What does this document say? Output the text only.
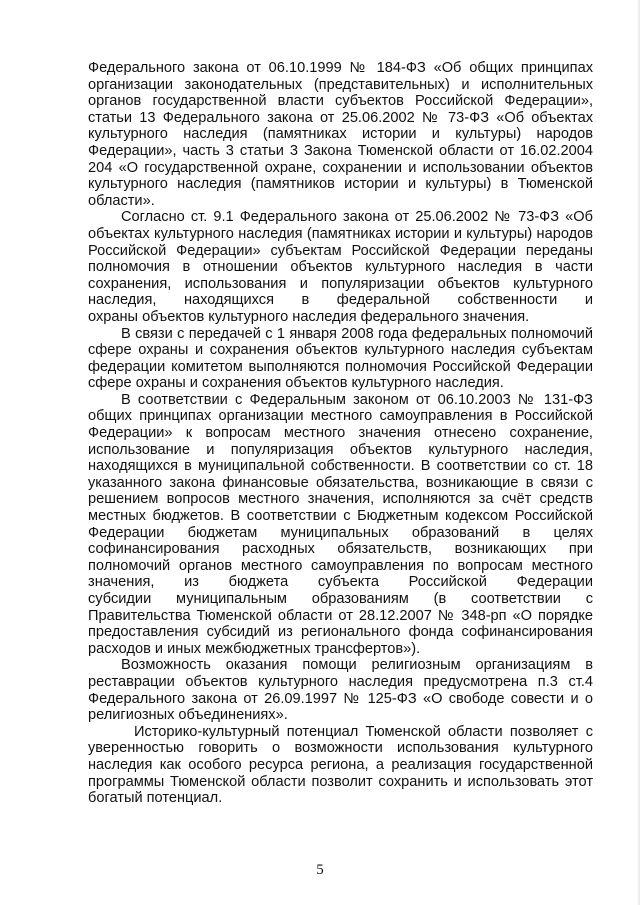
Федерального закона от 06.10.1999 № 184-ФЗ «Об общих принципах
организации законодательных (представительных) и исполнительных
органов государственной власти субъектов Российской Федерации»,
статьи 13 Федерального закона от 25.06.2002 № 73-ФЗ «Об объектах
культурного наследия (памятниках истории и культуры) народов
Федерации», часть 3 статьи 3 Закона Тюменской области от 16.02.2004
204 «О государственной охране, сохранении и использовании объектов
культурного наследия (памятников истории и культуры) в Тюменской
области».
Согласно ст. 9.1 Федерального закона от 25.06.2002 № 73-ФЗ «Об
объектах культурного наследия (памятниках истории и культуры) народов
Российской Федерации» субъектам Российской Федерации переданы
полномочия в отношении объектов культурного наследия в части
сохранения, использования и популяризации объектов культурного
наследия, находящихся в федеральной собственности и
охраны объектов культурного наследия федерального значения.
В связи с передачей с 1 января 2008 года федеральных полномочий
сфере охраны и сохранения объектов культурного наследия субъектам
федерации комитетом выполняются полномочия Российской Федерации
сфере охраны и сохранения объектов культурного наследия.
В соответствии с Федеральным законом от 06.10.2003 № 131-ФЗ
общих принципах организации местного самоуправления в Российской
Федерации» к вопросам местного значения отнесено сохранение,
использование и популяризация объектов культурного наследия,
находящихся в муниципальной собственности. В соответствии со ст. 18
указанного закона финансовые обязательства, возникающие в связи с
решением вопросов местного значения, исполняются за счёт средств
местных бюджетов. В соответствии с Бюджетным кодексом Российской
Федерации бюджетам муниципальных образований в целях
софинансирования расходных обязательств, возникающих при
полномочий органов местного самоуправления по вопросам местного
значения, из бюджета субъекта Российской Федерации
субсидии муниципальным образованиям (в соответствии с
Правительства Тюменской области от 28.12.2007 № 348-рп «О порядке
предоставления субсидий из регионального фонда софинансирования
расходов и иных межбюджетных трансфертов»).
Возможность оказания помощи религиозным организациям в
реставрации объектов культурного наследия предусмотрена п.3 ст.4
Федерального закона от 26.09.1997 № 125-ФЗ «О свободе совести и о
религиозных объединениях».
Историко-культурный потенциал Тюменской области позволяет с
уверенностью говорить о возможности использования культурного
наследия как особого ресурса региона, а реализация государственной
программы Тюменской области позволит сохранить и использовать этот
богатый потенциал.
5
